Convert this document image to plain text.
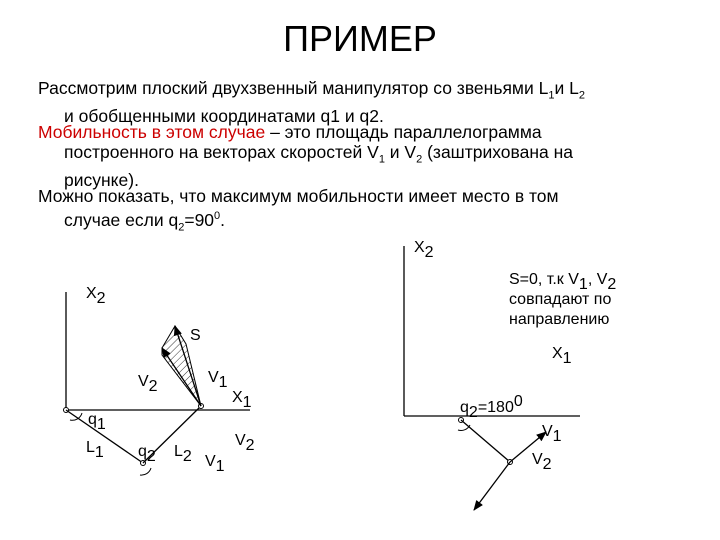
ПРИМЕР
Рассмотрим плоский двухзвенный манипулятор со звеньями $L_1и$ $L_2$
и обобщенными координатами q1 и q2.
Мобильность в этом случае – это площадь параллелограмма
построенного на векторах скоростей $V_1$ и $V_2$ (заштрихована на
рисунке).
Можно показать, что максимум мобильности имеет место в том
случае если $q_2=90^0$.
X2
S
V1
V2
X1
q1
L1 q2 L2
V2
V1
X2
S=0, т.к V1, V2
совпадают по
направлению
X1
q2=1800
V1
V2
